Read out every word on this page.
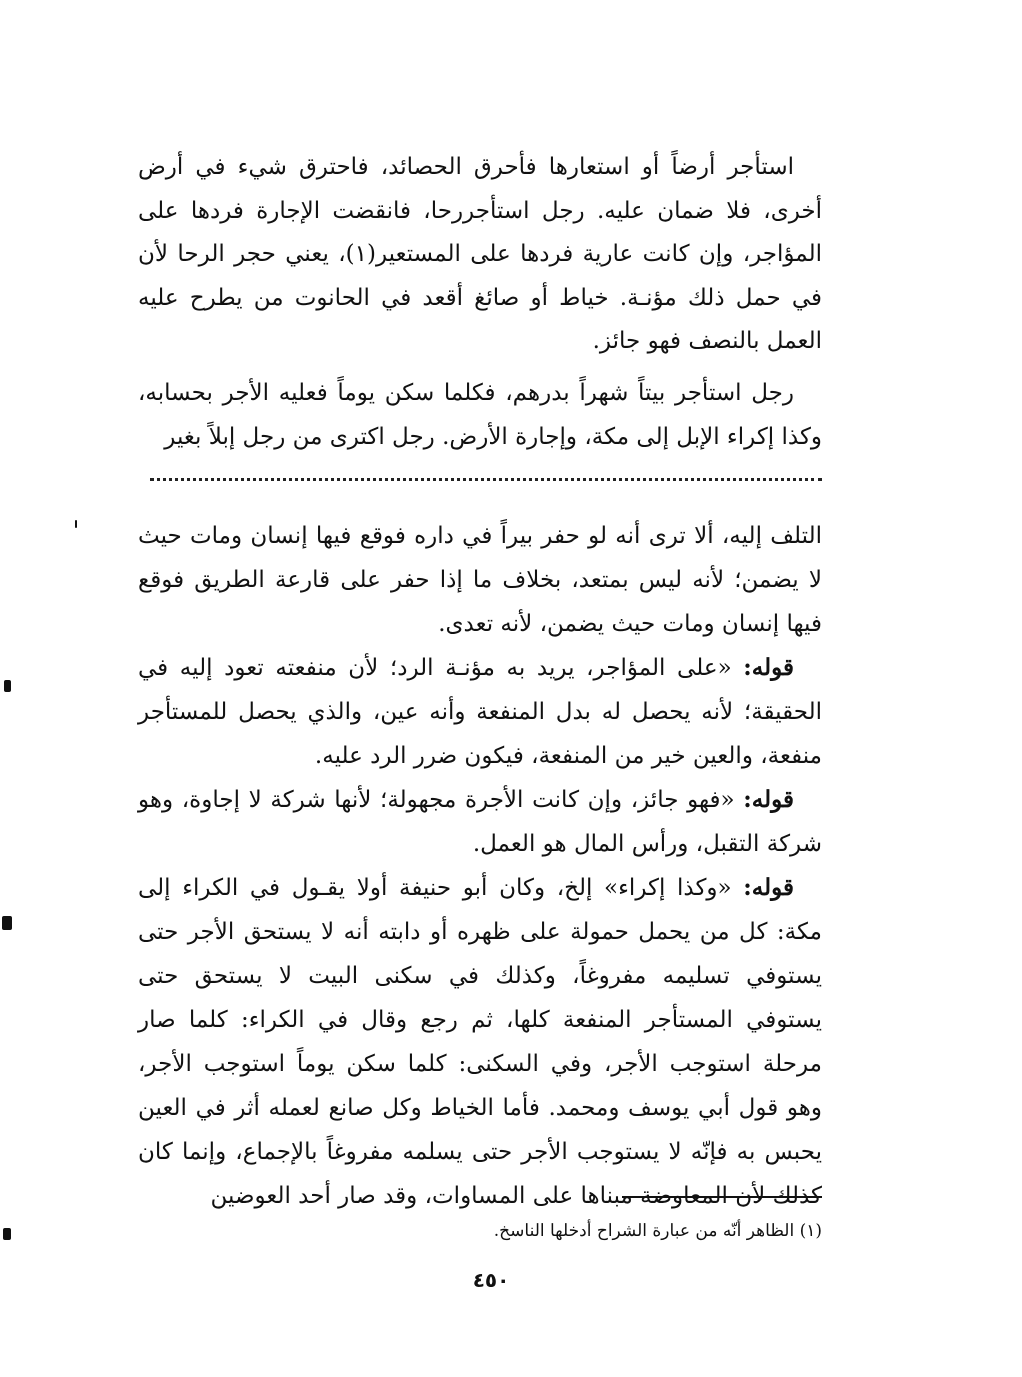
استأجر أرضاً أو استعارها فأحرق الحصائد، فاحترق شيء في أرض أخرى، فلا ضمان عليه. رجل استأجررحا، فانقضت الإجارة فردها على المؤاجر، وإن كانت عارية فردها على المستعير(١)، يعني حجر الرحا لأن في حمل ذلك مؤنـة. خياط أو صائغ أقعد في الحانوت من يطرح عليه العمل بالنصف فهو جائز.
رجل استأجر بيتاً شهراً بدرهم، فكلما سكن يوماً فعليه الأجر بحسابه، وكذا إكراء الإبل إلى مكة، وإجارة الأرض. رجل اكترى من رجل إبلاً بغير
التلف إليه، ألا ترى أنه لو حفر بيراً في داره فوقع فيها إنسان ومات حيث لا يضمن؛ لأنه ليس بمتعد، بخلاف ما إذا حفر على قارعة الطريق فوقع فيها إنسان ومات حيث يضمن، لأنه تعدى.
قوله: «على المؤاجر، يريد به مؤنـة الرد؛ لأن منفعته تعود إليه في الحقيقة؛ لأنه يحصل له بدل المنفعة وأنه عين، والذي يحصل للمستأجر منفعة، والعين خير من المنفعة، فيكون ضرر الرد عليه.
قوله: «فهو جائز، وإن كانت الأجرة مجهولة؛ لأنها شركة لا إجاوة، وهو شركة التقبل، ورأس المال هو العمل.
قوله: «وكذا إكراء» إلخ، وكان أبو حنيفة أولا يقـول في الكراء إلى مكة: كل من يحمل حمولة على ظهره أو دابته أنه لا يستحق الأجر حتى يستوفي تسليمه مفروغاً، وكذلك في سكنى البيت لا يستحق حتى يستوفي المستأجر المنفعة كلها، ثم رجع وقال في الكراء: كلما صار مرحلة استوجب الأجر، وفي السكنى: كلما سكن يوماً استوجب الأجر، وهو قول أبي يوسف ومحمد. فأما الخياط وكل صانع لعمله أثر في العين يحبس به فإنّه لا يستوجب الأجر حتى يسلمه مفروغاً بالإجماع، وإنما كان كذلك لأن المعاوضة مبناها على المساوات، وقد صار أحد العوضين
(١) الظاهر أنّه من عبارة الشراح أدخلها الناسخ.
٤٥٠
